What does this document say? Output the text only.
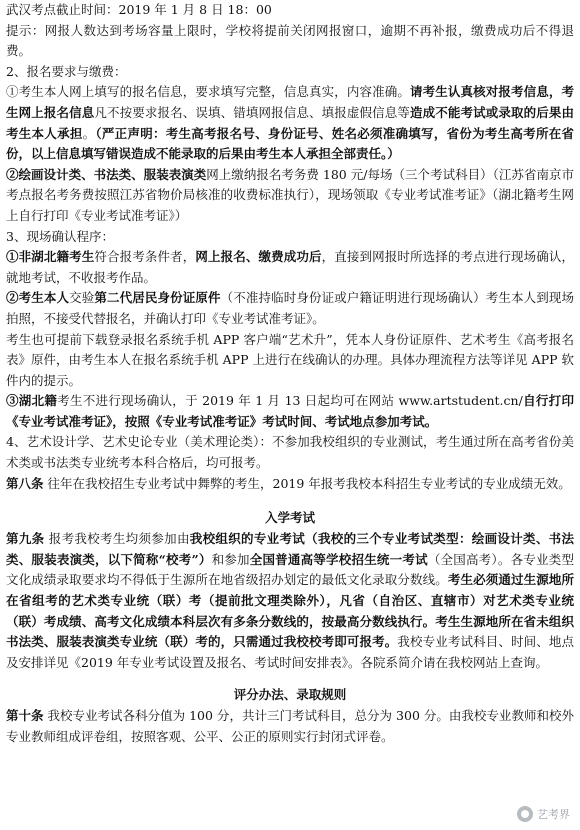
武汉考点截止时间：2019 年 1 月 8 日 18：00

提示：网报人数达到考场容量上限时，学校将提前关闭网报窗口，逾期不再补报，缴费成功后不得退费。

2、报名要求与缴费：

①考生本人网上填写的报名信息，要求填写完整，信息真实，内容准确。请考生认真核对报考信息，考生网上报名信息凡不按要求报名、误填、错填网报信息、填报虚假信息等造成不能考试或录取的后果由考生本人承担。（严正声明：考生高考报名号、身份证号、姓名必须准确填写，省份为考生高考所在省份，以上信息填写错误造成不能录取的后果由考生本人承担全部责任。）

②绘画设计类、书法类、服装表演类网上缴纳报名考务费 180 元/每场（三个考试科目）（江苏省南京市考点报名考务费按照江苏省物价局核准的收费标准执行），现场领取《专业考试准考证》（湖北籍考生网上自行打印《专业考试准考证》）

3、现场确认程序：

①非湖北籍考生符合报考条件者，网上报名、缴费成功后，直接到网报时所选择的考点进行现场确认，就地考试，不收报考作品。

②考生本人交验第二代居民身份证原件（不准持临时身份证或户籍证明进行现场确认）考生本人到现场拍照，不接受代替报名，并确认打印《专业考试准考证》。

考生也可提前下载登录报名系统手机 APP 客户端“艺术升”，凭本人身份证原件、艺术考生《高考报名表》原件，由考生本人在报名系统手机 APP 上进行在线确认的办理。具体办理流程方法等详见 APP 软件内的提示。

③湖北籍考生不进行现场确认，于 2019 年 1 月 13 日起均可在网站 www.artstudent.cn/自行打印《专业考试准考证》，按照《专业考试准考证》考试时间、考试地点参加考试。

4、艺术设计学、艺术史论专业（美术理论类）：不参加我校组织的专业测试，考生通过所在高考省份美术类或书法类专业统考本科合格后，均可报考。

第八条 往年在我校招生专业考试中舞弊的考生，2019 年报考我校本科招生专业考试的专业成绩无效。

入学考试

第九条 报考我校考生均须参加由我校组织的专业考试（我校的三个专业考试类型：绘画设计类、书法类、服装表演类，以下简称“校考”）和参加全国普通高等学校招生统一考试（全国高考）。各专业类型文化成绩录取要求均不得低于生源所在地省级招办划定的最低文化录取分数线。考生必须通过生源地所在省组考的艺术类专业统（联）考（提前批文理类除外），凡省（自治区、直辖市）对艺术类专业统（联）考成绩、高考文化成绩本科层次有多条分数线的，按最高分数线执行。考生生源地所在省未组织书法类、服装表演类专业统（联）考的，只需通过我校校考即可报考。我校专业考试科目、时间、地点及安排详见《2019 年专业考试设置及报名、考试时间安排表》。各院系简介请在我校网站上查询。

评分办法、录取规则

第十条 我校专业考试各科分值为 100 分，共计三门考试科目，总分为 300 分。由我校专业教师和校外专业教师组成评卷组，按照客观、公平、公正的原则实行封闭式评卷。

艺考界
